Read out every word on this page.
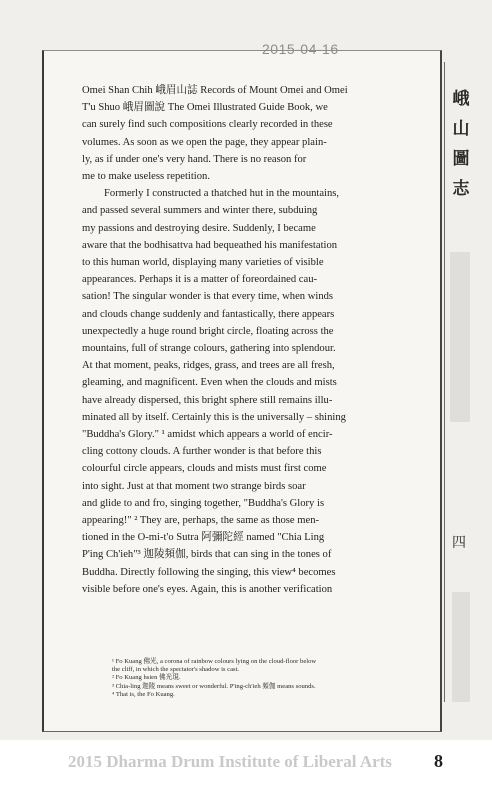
2015-04-16

Omei Shan Chih 峨眉山誌 Records of Mount Omei and Omei

T'u Shuo 峨眉圖說 The Omei Illustrated Guide Book, we

can surely find such compositions clearly recorded in these

volumes. As soon as we open the page, they appear plain-

ly, as if under one's very hand. There is no reason for

me to make useless repetition.

Formerly I constructed a thatched hut in the mountains,

and passed several summers and winter there, subduing

my passions and destroying desire. Suddenly, I became

aware that the bodhisattva had bequeathed his manifestation

to this human world, displaying many varieties of visible

appearances. Perhaps it is a matter of foreordained cau-

sation! The singular wonder is that every time, when winds

and clouds change suddenly and fantastically, there appears

unexpectedly a huge round bright circle, floating across the

mountains, full of strange colours, gathering into splendour.

At that moment, peaks, ridges, grass, and trees are all fresh,

gleaming, and magnificent. Even when the clouds and mists

have already dispersed, this bright sphere still remains illu-

minated all by itself. Certainly this is the universally – shining

"Buddha's Glory." ¹ amidst which appears a world of encir-

cling cottony clouds. A further wonder is that before this

colourful circle appears, clouds and mists must first come

into sight. Just at that moment two strange birds soar

and glide to and fro, singing together, "Buddha's Glory is

appearing!" ² They are, perhaps, the same as those men-

tioned in the O-mi-t'o Sutra 阿彌陀經 named "Chia Ling

P'ing Ch'ieh"³ 迦陵頻伽, birds that can sing in the tones of

Buddha. Directly following the singing, this view⁴ becomes

visible before one's eyes. Again, this is another verification

¹ Fo Kuang 佛光, a corona of rainbow colours lying on the cloud-floor below
the cliff, in which the spectator's shadow is cast.
² Fo Kuang hsien 佛光現.
³ Chia-ling 迦陵 means sweet or wonderful. P'ing-ch'ieh 頻伽 means sounds.
⁴ That is, the Fo Kuang.
峨
山
圖
志
四
2015 Dharma Drum Institute of Liberal Arts 8
